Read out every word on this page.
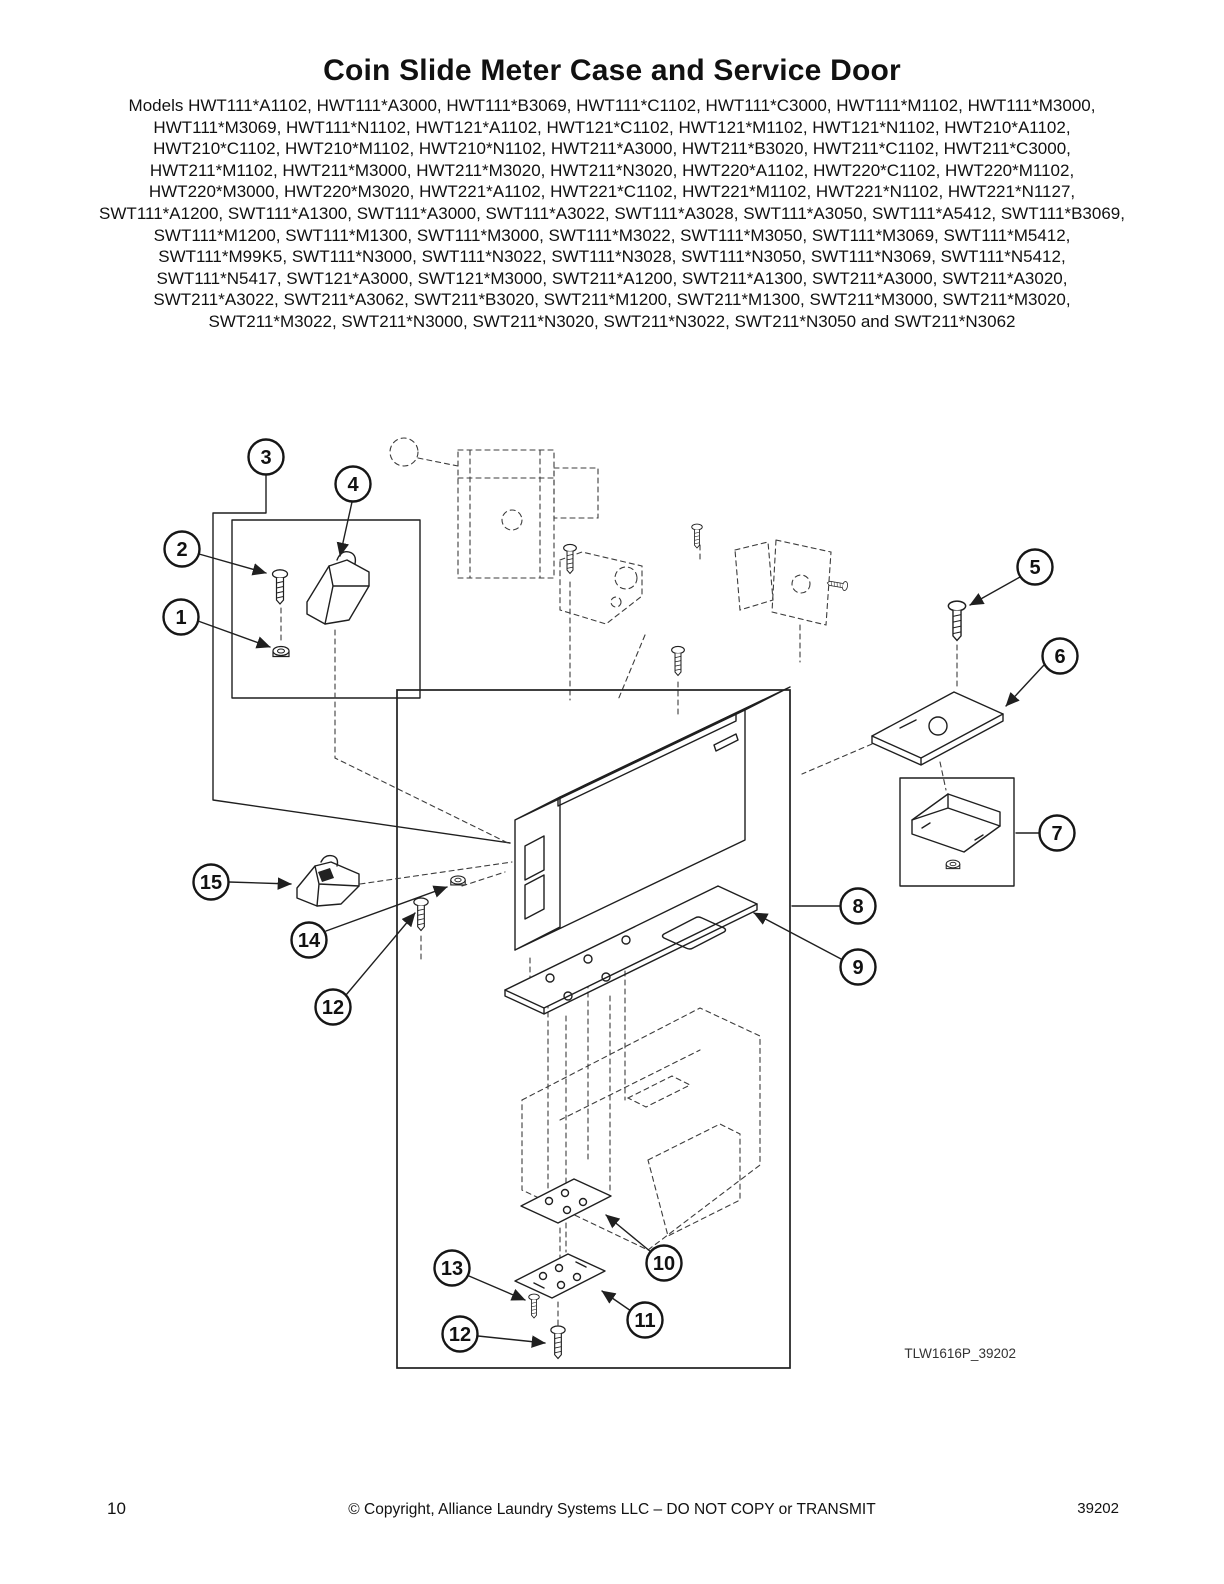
Coin Slide Meter Case and Service Door

Models HWT111*A1102, HWT111*A3000, HWT111*B3069, HWT111*C1102, HWT111*C3000, HWT111*M1102, HWT111*M3000, HWT111*M3069, HWT111*N1102, HWT121*A1102, HWT121*C1102, HWT121*M1102, HWT121*N1102, HWT210*A1102, HWT210*C1102, HWT210*M1102, HWT210*N1102, HWT211*A3000, HWT211*B3020, HWT211*C1102, HWT211*C3000, HWT211*M1102, HWT211*M3000, HWT211*M3020, HWT211*N3020, HWT220*A1102, HWT220*C1102, HWT220*M1102, HWT220*M3000, HWT220*M3020, HWT221*A1102, HWT221*C1102, HWT221*M1102, HWT221*N1102, HWT221*N1127, SWT111*A1200, SWT111*A1300, SWT111*A3000, SWT111*A3022, SWT111*A3028, SWT111*A3050, SWT111*A5412, SWT111*B3069, SWT111*M1200, SWT111*M1300, SWT111*M3000, SWT111*M3022, SWT111*M3050, SWT111*M3069, SWT111*M5412, SWT111*M99K5, SWT111*N3000, SWT111*N3022, SWT111*N3028, SWT111*N3050, SWT111*N3069, SWT111*N5412, SWT111*N5417, SWT121*A3000, SWT121*M3000, SWT211*A1200, SWT211*A1300, SWT211*A3000, SWT211*A3020, SWT211*A3022, SWT211*A3062, SWT211*B3020, SWT211*M1200, SWT211*M1300, SWT211*M3000, SWT211*M3020, SWT211*M3022, SWT211*N3000, SWT211*N3020, SWT211*N3022, SWT211*N3050 and SWT211*N3062

3
4
2
1
5
6
7
15
14
12
8
9
10
13
11
12
TLW1616P_39202
10	© Copyright, Alliance Laundry Systems LLC – DO NOT COPY or TRANSMIT	39202
